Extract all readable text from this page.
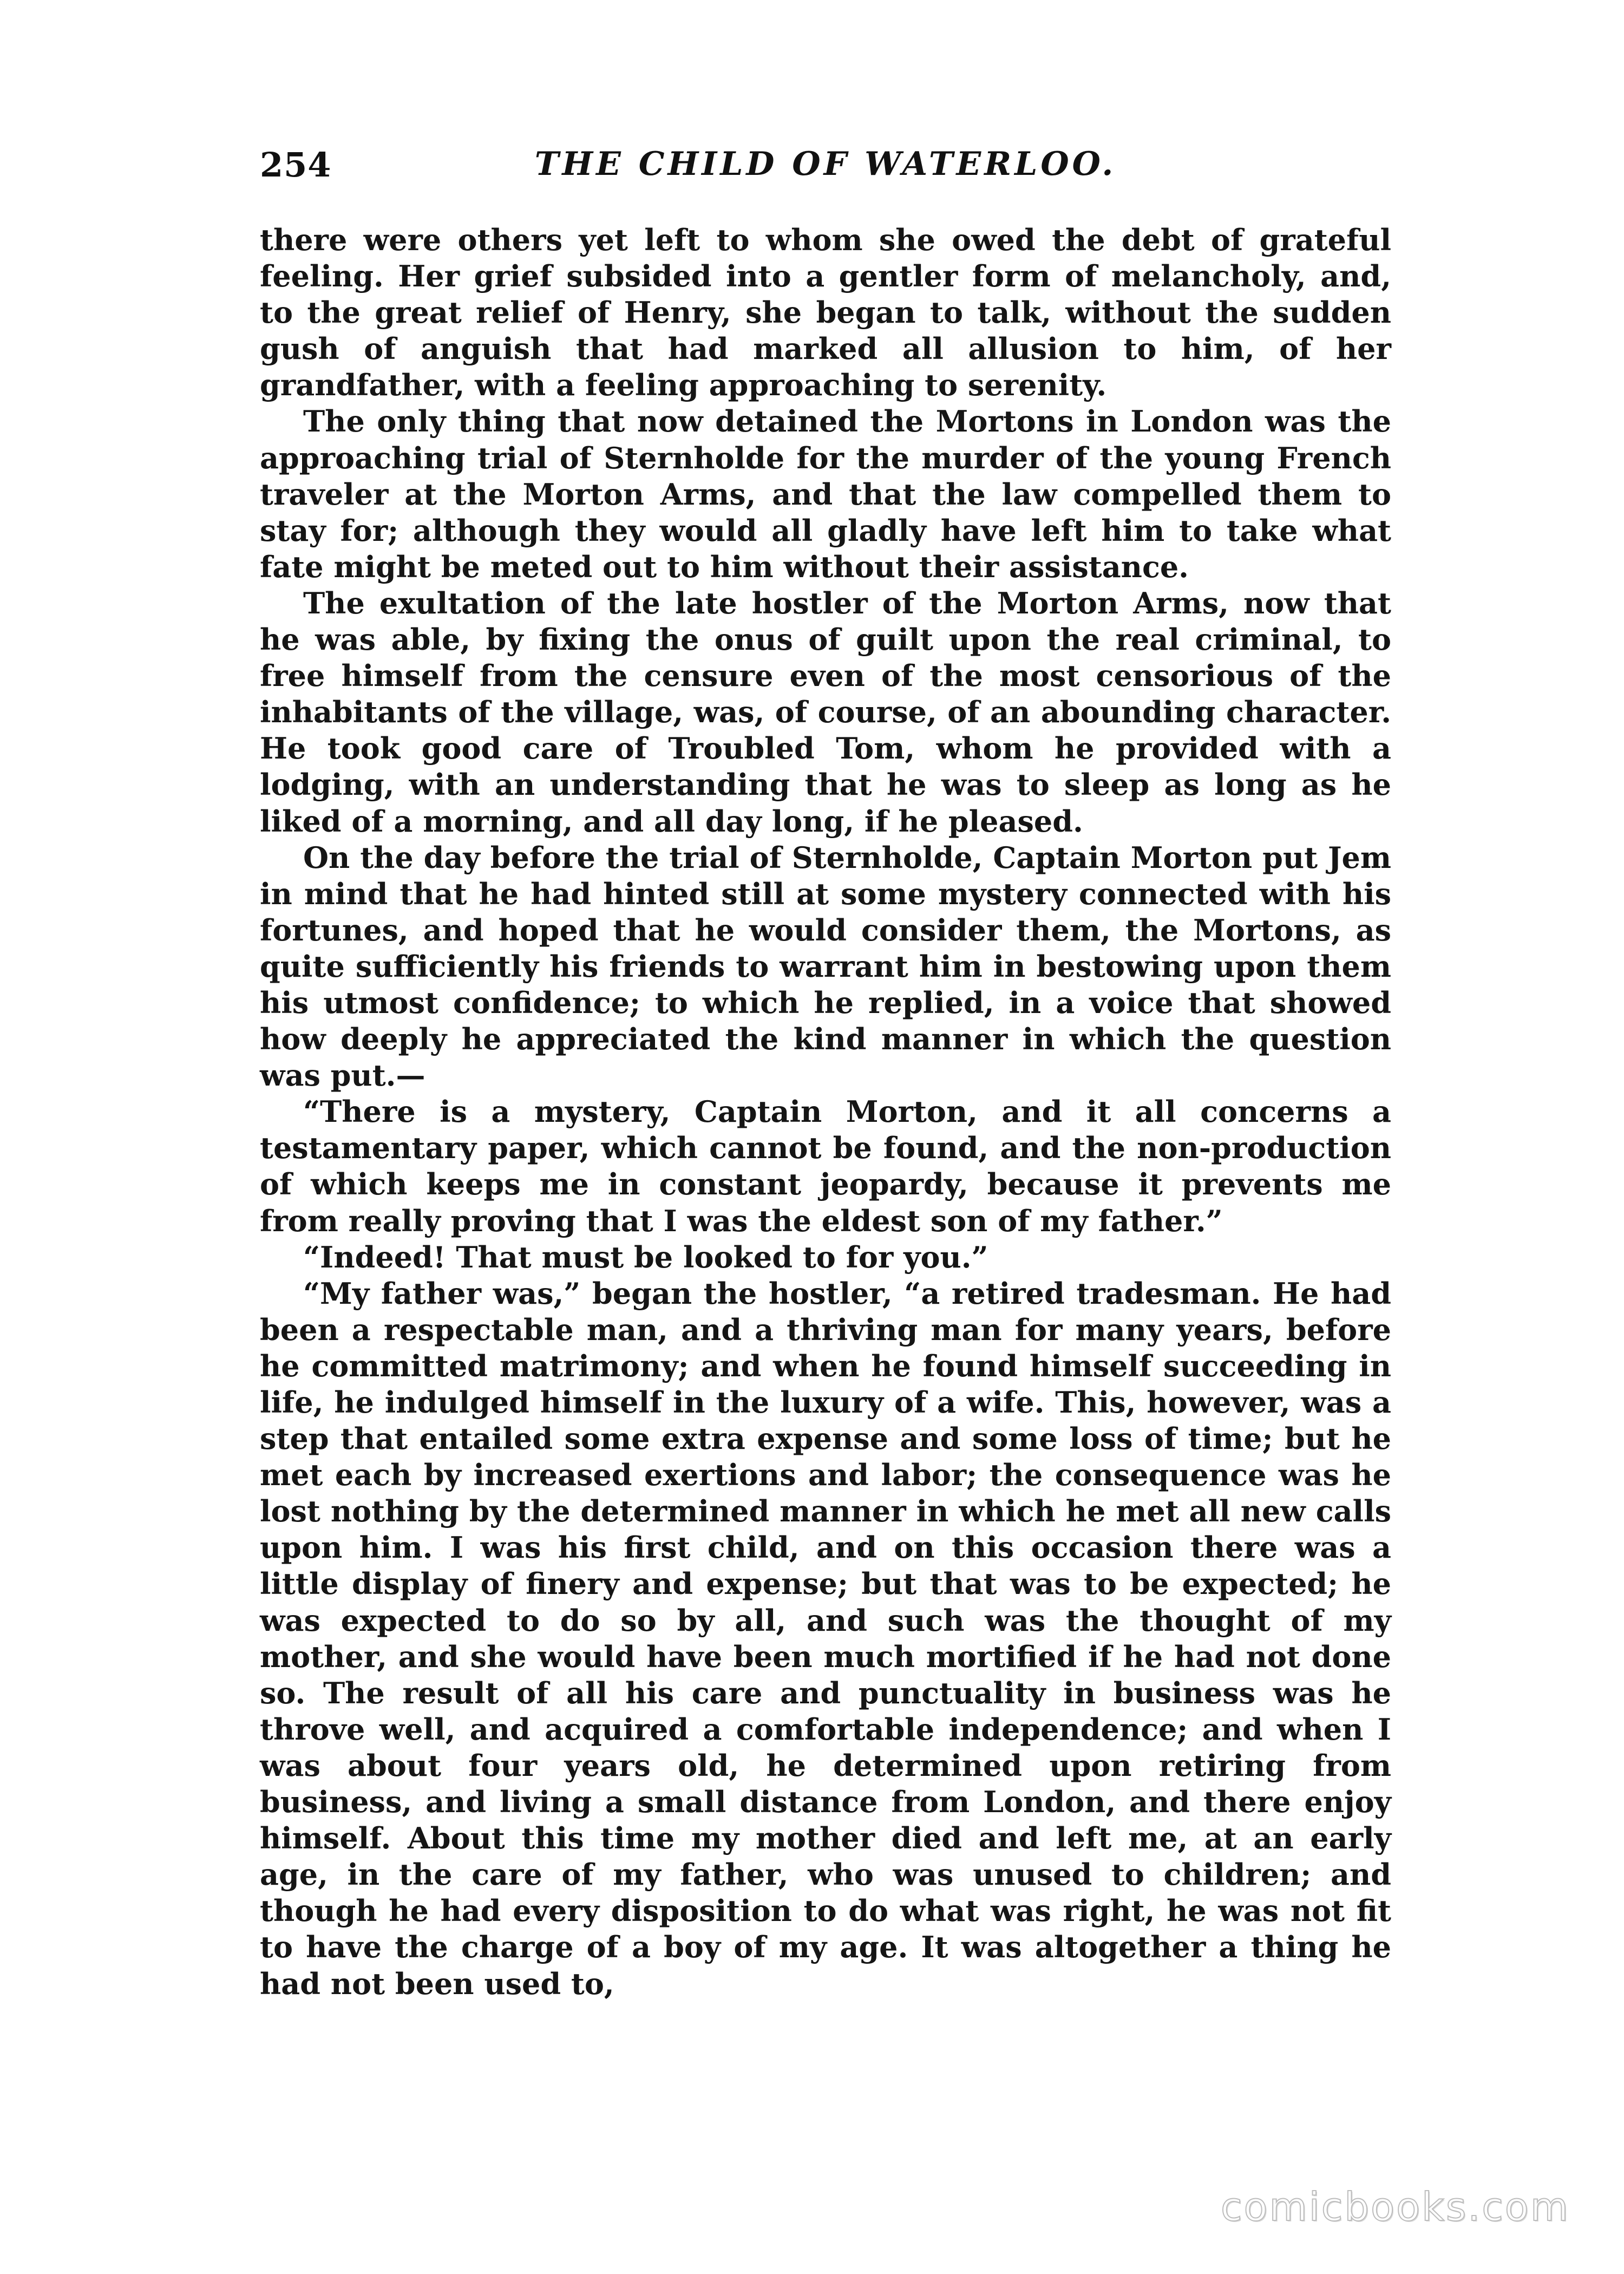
254	THE CHILD OF WATERLOO.

there were others yet left to whom she owed the debt of grateful feeling. Her grief subsided into a gentler form of melancholy, and, to the great relief of Henry, she began to talk, without the sudden gush of anguish that had marked all allusion to him, of her grandfather, with a feeling approaching to serenity.

The only thing that now detained the Mortons in London was the approaching trial of Sternholde for the murder of the young French traveler at the Morton Arms, and that the law compelled them to stay for; although they would all gladly have left him to take what fate might be meted out to him without their assistance.

The exultation of the late hostler of the Morton Arms, now that he was able, by fixing the onus of guilt upon the real criminal, to free himself from the censure even of the most censorious of the inhabitants of the village, was, of course, of an abounding character. He took good care of Troubled Tom, whom he provided with a lodging, with an understanding that he was to sleep as long as he liked of a morning, and all day long, if he pleased.

On the day before the trial of Sternholde, Captain Morton put Jem in mind that he had hinted still at some mystery connected with his fortunes, and hoped that he would consider them, the Mortons, as quite sufficiently his friends to warrant him in bestowing upon them his utmost confidence; to which he replied, in a voice that showed how deeply he appreciated the kind manner in which the question was put.—

“There is a mystery, Captain Morton, and it all concerns a testamentary paper, which cannot be found, and the non-production of which keeps me in constant jeopardy, because it prevents me from really proving that I was the eldest son of my father.”

“Indeed! That must be looked to for you.”

“My father was,” began the hostler, “a retired tradesman. He had been a respectable man, and a thriving man for many years, before he committed matrimony; and when he found himself succeeding in life, he indulged himself in the luxury of a wife. This, however, was a step that entailed some extra expense and some loss of time; but he met each by increased exertions and labor; the consequence was he lost nothing by the determined manner in which he met all new calls upon him. I was his first child, and on this occasion there was a little display of finery and expense; but that was to be expected; he was expected to do so by all, and such was the thought of my mother, and she would have been much mortified if he had not done so. The result of all his care and punctuality in business was he throve well, and acquired a comfortable independence; and when I was about four years old, he determined upon retiring from business, and living a small distance from London, and there enjoy himself. About this time my mother died and left me, at an early age, in the care of my father, who was unused to children; and though he had every disposition to do what was right, he was not fit to have the charge of a boy of my age. It was altogether a thing he had not been used to,

comicbooks.com
